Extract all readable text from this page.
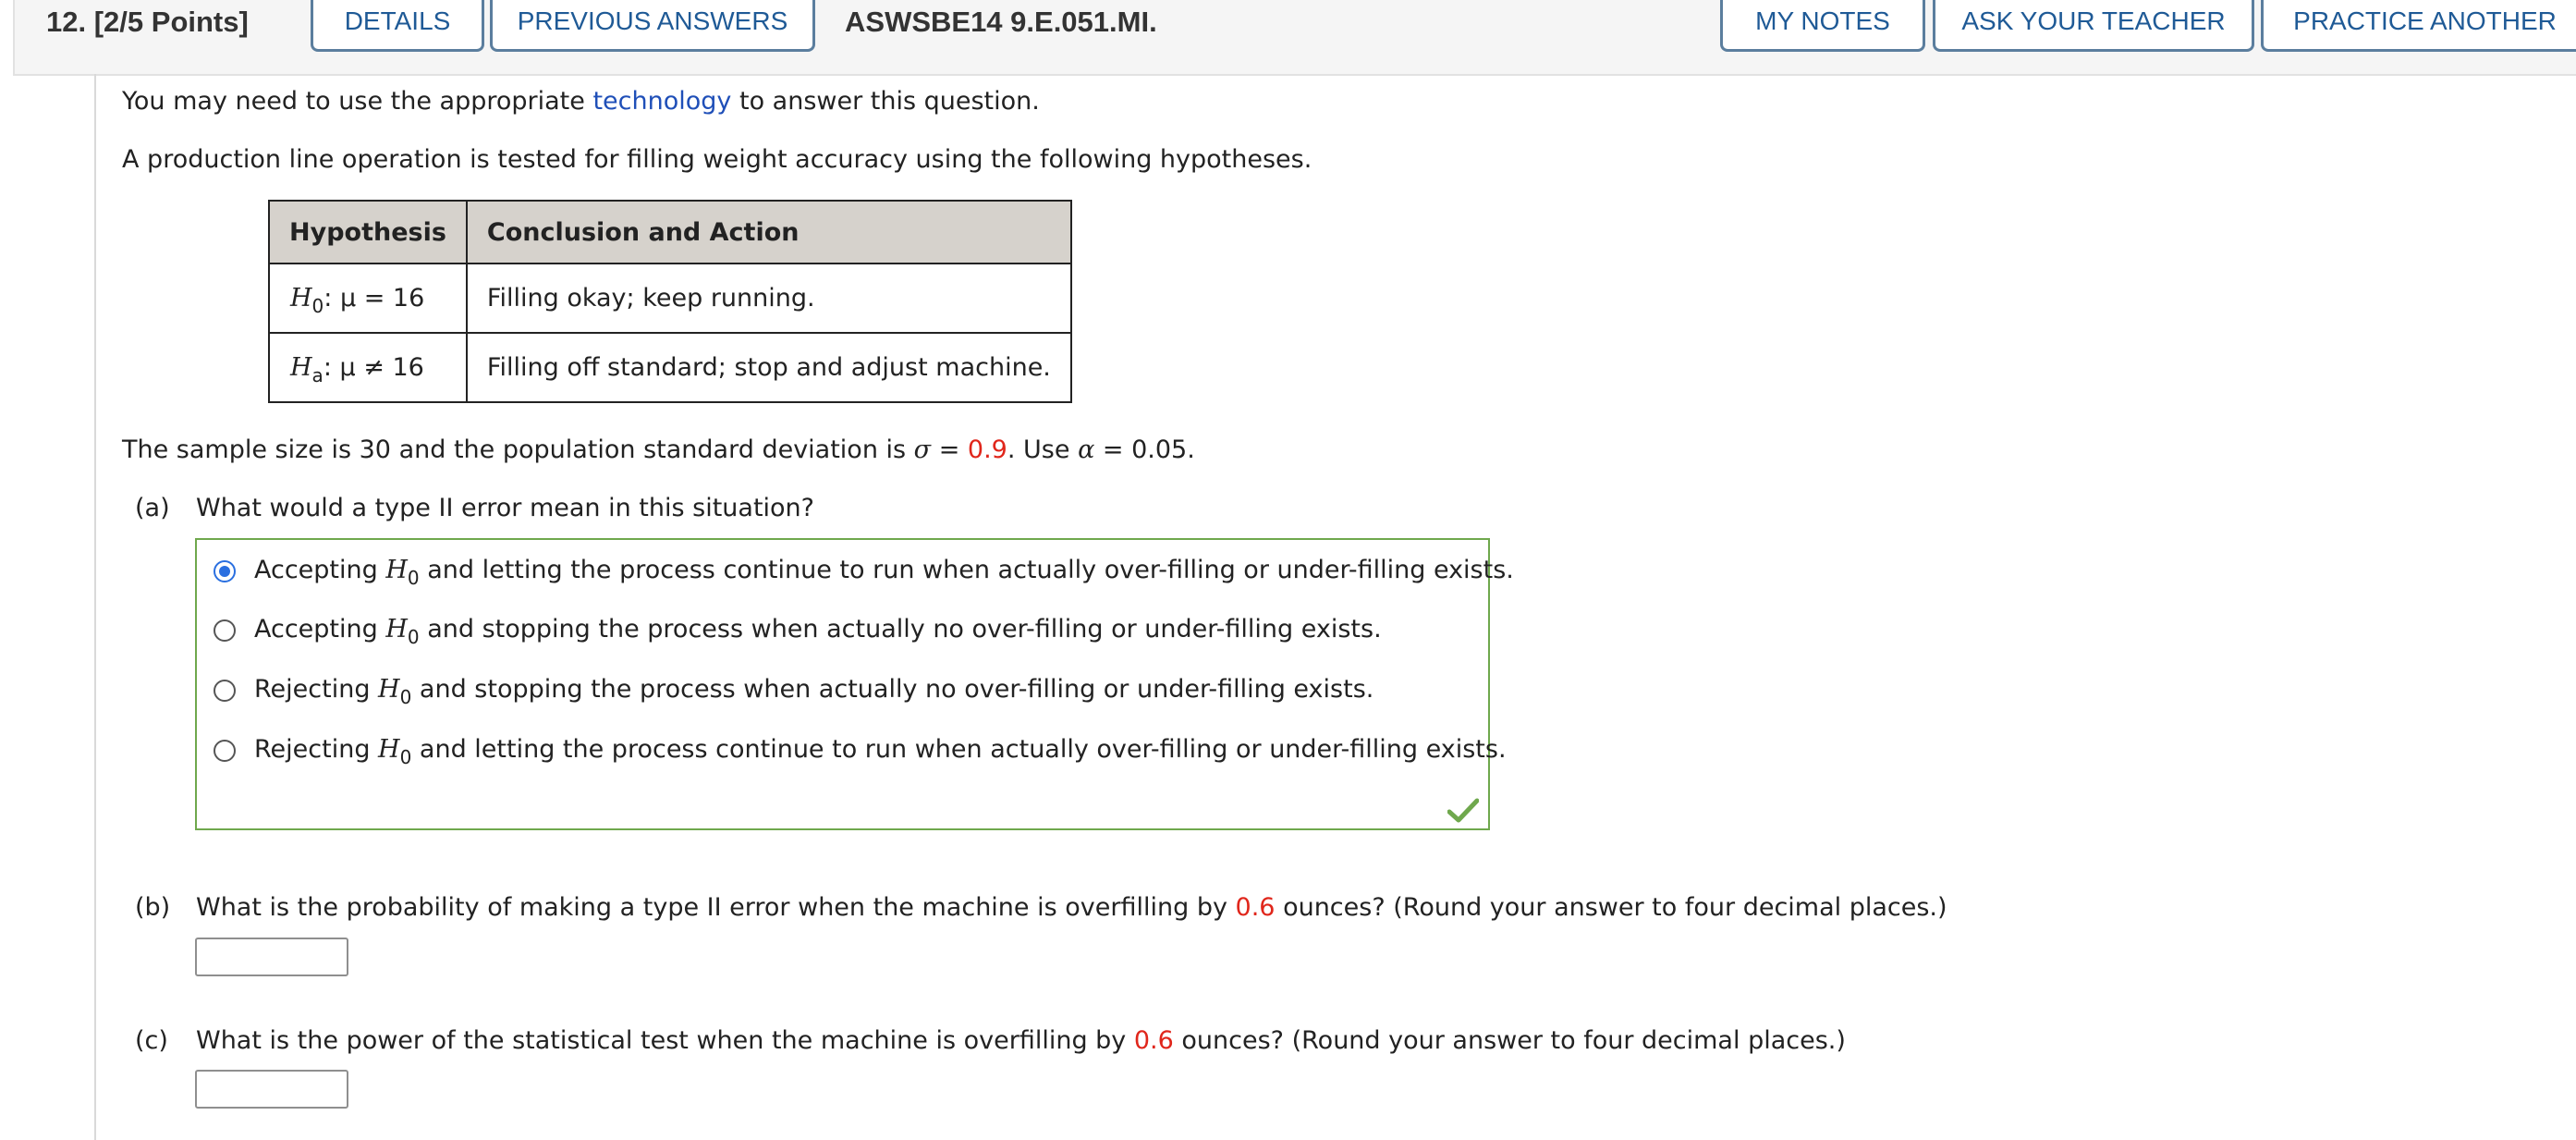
12. [2/5 Points]	DETAILS	PREVIOUS ANSWERS	ASWSBE14 9.E.051.MI.	MY NOTES	ASK YOUR TEACHER	PRACTICE ANOTHER
You may need to use the appropriate technology to answer this question.
A production line operation is tested for filling weight accuracy using the following hypotheses.
Hypothesis	Conclusion and Action
$H_0$: μ = 16	Filling okay; keep running.
$H_a$: μ ≠ 16	Filling off standard; stop and adjust machine.
The sample size is 30 and the population standard deviation is σ = 0.9. Use α = 0.05.
(a) What would a type II error mean in this situation?
Accepting $H_0$ and letting the process continue to run when actually over-filling or under-filling exists.
Accepting $H_0$ and stopping the process when actually no over-filling or under-filling exists.
Rejecting $H_0$ and stopping the process when actually no over-filling or under-filling exists.
Rejecting $H_0$ and letting the process continue to run when actually over-filling or under-filling exists.
(b) What is the probability of making a type II error when the machine is overfilling by 0.6 ounces? (Round your answer to four decimal places.)
(c) What is the power of the statistical test when the machine is overfilling by 0.6 ounces? (Round your answer to four decimal places.)
